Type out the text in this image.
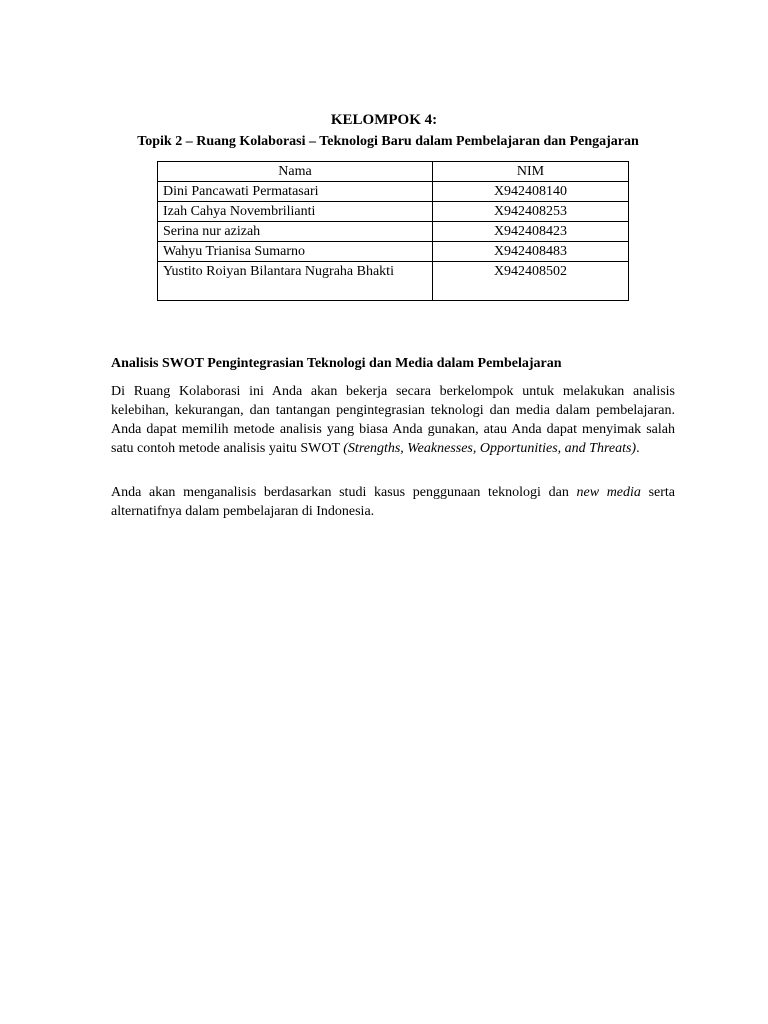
KELOMPOK 4:

Topik 2 – Ruang Kolaborasi – Teknologi Baru dalam Pembelajaran dan Pengajaran

Nama	NIM
Dini Pancawati Permatasari	X942408140
Izah Cahya Novembrilianti	X942408253
Serina nur azizah	X942408423
Wahyu Trianisa Sumarno	X942408483
Yustito Roiyan Bilantara Nugraha Bhakti	X942408502

Analisis SWOT Pengintegrasian Teknologi dan Media dalam Pembelajaran

Di Ruang Kolaborasi ini Anda akan bekerja secara berkelompok untuk melakukan analisis kelebihan, kekurangan, dan tantangan pengintegrasian teknologi dan media dalam pembelajaran. Anda dapat memilih metode analisis yang biasa Anda gunakan, atau Anda dapat menyimak salah satu contoh metode analisis yaitu SWOT (Strengths, Weaknesses, Opportunities, and Threats).

Anda akan menganalisis berdasarkan studi kasus penggunaan teknologi dan new media serta alternatifnya dalam pembelajaran di Indonesia.
